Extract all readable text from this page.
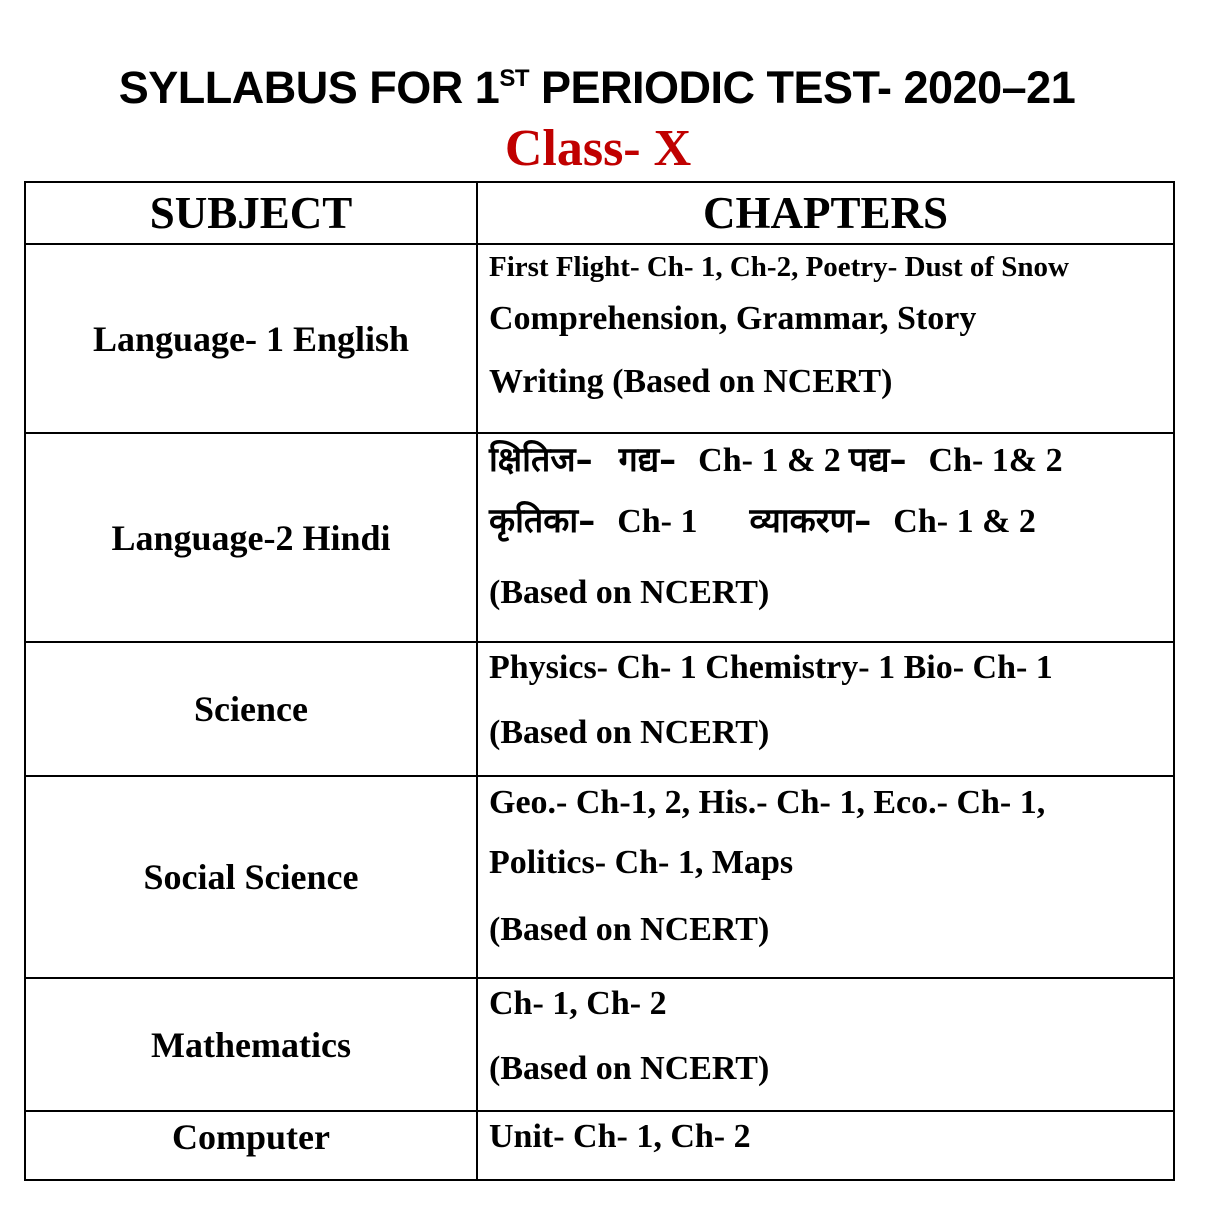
SYLLABUS FOR 1ST PERIODIC TEST- 2020–21
Class- X
SUBJECT	CHAPTERS
Language- 1 English	First Flight- Ch- 1, Ch-2, Poetry- Dust of Snow
Comprehension, Grammar, Story
Writing (Based on NCERT)

Language-2 Hindi	क्षितिज– गद्य– Ch- 1 & 2 पद्य– Ch- 1& 2
कृतिका– Ch- 1 व्याकरण– Ch- 1 & 2
(Based on NCERT)

Science	Physics- Ch- 1 Chemistry- 1 Bio- Ch- 1
(Based on NCERT)

Social Science	Geo.- Ch-1, 2, His.- Ch- 1, Eco.- Ch- 1,
Politics- Ch- 1, Maps
(Based on NCERT)

Mathematics	Ch- 1, Ch- 2
(Based on NCERT)

Computer	Unit- Ch- 1, Ch- 2
